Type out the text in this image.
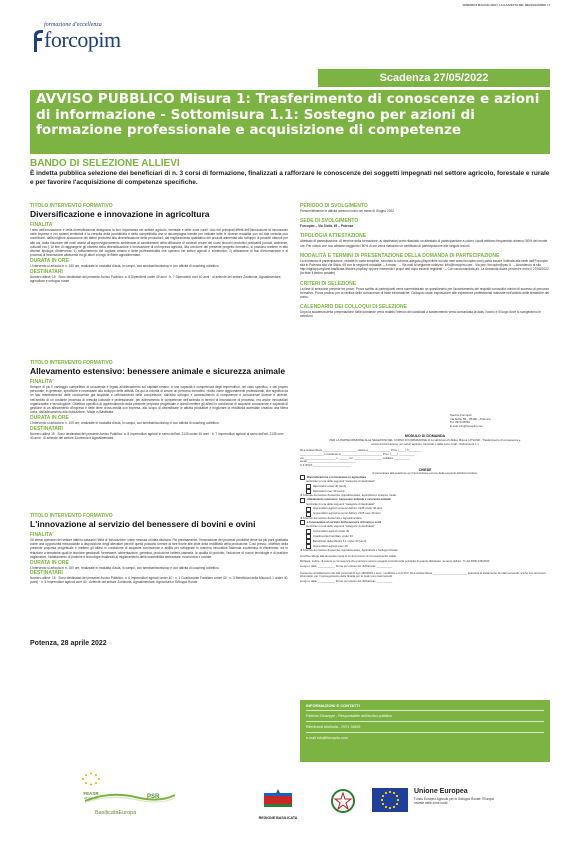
VENERDÌ 8 MAGGIO 2022 | LA GAZZETTA DEL MEZZOGIORNO | 7
formazione d'eccellenza
forcopim
Scadenza 27/05/2022
AVVISO PUBBLICO Misura 1: Trasferimento di conoscenze e azioni di informazione - Sottomisura 1.1: Sostegno per azioni di formazione professionale e acquisizione di competenze
BANDO DI SELEZIONE ALLIEVI
È indetta pubblica selezione dei beneficiari di n. 3 corsi di formazione, finalizzati a rafforzare le conoscenze dei soggetti impegnati nel settore agricolo, forestale e rurale e per favorire l'acquisizione di competenze specifiche.
TITOLO INTERVENTO FORMATIVO
Diversificazione e innovazione in agricoltura
FINALITA'
I temi dell'innovazione e della diversificazione designano la loro importanza nel settore agricolo, forestale e delle zone rurali. Uno dei principali effetti dell'introduzione di innovazioni nelle imprese e nei sistemi territoriali è la crescita della produttività e della competitività che si accompagna tramite per indicare tutte le diverse modalità con cui tale crescita può contribuire, dalla migliore allocazione dei fattori produttivi alla diversificazione delle produzioni, dal miglioramento qualitativo dei prodotti alimentari allo sviluppo di prodotti ottenuti per altri usi, dalla riduzione dei costi relativi all'approvvigionamento ambientale ai cambiamenti della diffusione di contesti creare dei nuovi sbocchi produttivi praticabili (sociali, ambiente, culturali ecc.). Al fine di raggiungere gli obiettivi della diversificazione e innovazione di un'impresa agricola, il/la condurre del presente progetto formativo, si possono mettere in atto diverse tipologie d'intervento: 1) rafforzamento del capitale umano e delle professionalità che operano nei settori agricoli e zootecnico; 2) attivazione di fasi d'informazione e di processi di innovazione attraverso tra gli attori a lungo le filiere agroalimentare.
DURATA IN ORE
L'intervento si articola in n. 150 ore, realizzate in modalità d'aula, in campo, con seminari/workshop e con attività di coaching collettivo.
DESTINATARI
Numero allievi: 15 · Sono destinatari del presente Avviso Pubblico: a. 8 Dipendenti under 40 anni · b. 7 Dipendenti over 40 anni · di aziende del settore Zootecnia, Agroalimentare, agricoltore e sviluppo rurale
TITOLO INTERVENTO FORMATIVO
Allevamento estensivo: benessere animale e sicurezza animale
FINALITA'
Sempre di più il vantaggio competitivo di un'azienda è legato all'allevamento sul capitale umano, a una capacità e competenza degli imprenditori, nel caso specifico, e dal proprio personale, in generale, specifiche e necessarie alla sviluppo delle attività. Da qui la volontà di creare un percorso formativo, rivolto come aggiornamenti professionali, che significa da un lato mantenimento delle conoscenze già acquisite e rafforzamento delle competenze, dall'altro sviluppo e accrescimento di competenze e conoscenze diverse e diverse, nell'ambito di un costante processo di crescita culturale e professionale, per allineamento le competenze dell'azienda in termini di innovazione di processo, ma anche innovazioni organizzative e tecnologiche. Obiettivo specifico di apprendimento della presente proposta progettuale è quindi mettere gli allievi in condizione di acquisire conoscenze e capacità di gestione di un allevamento d'impresa e delle linee cross-media con impresa, allo scopo di diversificare le attività produttive e migliorare la redditività aziendale creando una filiera corta, dall'allevamento alla ristorazione, 'Made in Basilicata'.
DURATA IN ORE
L'intervento si articola in n. 105 ore, realizzate in modalità d'aula, in campo, con seminari/workshop e con attività di coaching collettivo.
DESTINATARI
Numero allievi 15 · Sono destinatari del presente Avviso Pubblico: a. 8 Imprenditori agricoli in sensi dell'art. 2135 under 40 anni · b. 7 Imprenditori agricoli ai sensi dell'art. 2135 over 40 anni · di aziende del settore Zootecnia e Agroalimentare
TITOLO INTERVENTO FORMATIVO
L'innovazione al servizio del benessere di bovini e ovini
FINALITA'
Gli stessi operatori del settore lattiero caseario l'idea di 'innovazione' viene rimossa un'idea decisiva. Più precisamente, l'innovazione dei processi produttivi viene da più parti giudicata come una opportunità irrinunciabile a disposizione degli allevatori perché questi possano tornare di fare fronte alle sfide della redditività della produzione. Così presso, obiettivo della presente proposta progettuale è mettere gli allievi in condizione di acquisire conoscenze e abilità per sviluppare in maniera innovativa l'azienda zootecnica di riferimento, ed in relazione a tematiche quali le tecniche gestionali, benessere, alimentazione, genetica, produzione lattiero-casearia, la qualità di prodotto, l'adozione di nuove tecnologie e di pratiche migliorative, l'adattamento di pratiche e tecnologie finalizzati al miglioramento della sostenibilità ambientale, economica e sociale.
DURATA IN ORE
L'intervento si articola in n. 150 ore, realizzate in modalità d'aula, in campo, con seminari/workshop e con attività di coaching collettivo.
DESTINATARI
Numero allievi: 15 · Sono destinatari del presente Avviso Pubblico: n. 6 Imprenditori agricoli under 40 · n. 1 Coadiuvante Familiare under 40 · n. 3 Beneficiari della Misura 6.1 under 40 (anni) · n. 5 Imprenditori agricoli over 40 · Aziende del settore Zootecnia, Agroalimentare, Agricoltura e Sviluppo Rurale
Potenza, 28 aprile 2022
PERIODO DI SVOLGIMENTO
Presumibilmente le attività avranno inizio nel mese di Giugno 2022
SEDE DI SVOLGIMENTO
Forcopim – Via Siclia, 65 – Potenza
TIPOLOGIA ATTESTAZIONE
Attestato di partecipazione. Al termine della formazione, ai destinatari verrà rilasciato un attestato di partecipazione a coloro i quali abbiano frequentato almeno l'80% del monte ore. Per coloro che non abbiano raggiunto l'80% di ore verrà rilasciato un certificato di partecipazione alle singole lezioni.
MODALITÀ E TERMINI DI PRESENTAZIONE DELLA DOMANDA DI PARTECIPAZIONE
La domanda di partecipazione, redatta in carta semplice, secondo lo schema allegato (disponibile sul sito web www.forcopim.com) potrà essere inoltrata alla sede dell'Forcopim sita in Potenza alla Via Siclia, 65 con le seguenti modalità: – A mano · – Via mail al seguente indirizzo: info@forcopim.com - Via pec: forcopim@pec.it · – Accedendo al sito http://agriapp.regione.basilicata.it/index.php/faq/ oppure inserendo i propri dati dopo essersi registrati · – Con raccomandata a/r. La domanda dovrà pervenire entro il 27/05/2022 (fa fede il timbro postale)
CRITERI DI SELEZIONE
La fase di selezione prevede tre prove: Prova scritta: ai partecipanti verrà somministrato un questionario per l'accertamento dei requisiti conoscitivi minimi di accesso al percorso formativo. Prova pratica: per la verifica delle conoscenze di base informatiche; Colloquio orale: esposizione alle esperienze professionali maturate nell'ambito delle tematiche del corso.
CALENDARIO DEI COLLOQUI DI SELEZIONE
Dopo la scadenza della presentazione delle domande verrà redatto l'elenco dei candidati a sostenimento verrà comunicata la data, l'orario e il luogo dove si svolgeranno le selezioni.
Spett.le Forcopim
Via Siclia, 65 – 85100 – Potenza
Tel. 0971/34692
E-mail info@forcopim.com
MODULO DI DOMANDA
PER LA PARTECIPAZIONE ALLE SELEZIONI DEL CORSO DI FORMAZIONE di cui all'Avviso Pubblico Misura 1 PSASR - Trasferimento di conoscenze e azioni di informazione nei settori agricolo, forestale e della zone rurali - Sottomisura 1.1
Il/La sottoscritto/a ______________________ nato/a a ______________ Prov. (____) il ________
_______________ e residente in __________________________ Prov. (____) __________
via ____________________ n. ______ tel. __________________ cellulare __________
email _______________________________
C.F./P.IVA ________________________
CHIEDE
di partecipare alla selezione per l'ammissione ad uno delle seguenti attività formative:
Diversificazione e innovazione in agricoltura
rientrante in una delle seguenti "categorie di destinatari"
Dipendenti under 40 (anni)
Dipendenti over 40 (anni)
di Aziende del settore Zootecnia, Agroalimentare, agricoltura e sviluppo rurale
Allevamento estensivo: benessere animale e sicurezza animale
rientrante in una delle seguenti "categorie di destinatari"
Imprenditori agricoli ai sensi dell'art. 2135 under 40 anni
Imprenditori agricoli ai sensi dell'art. 2135 over 40 anni
di Aziende del settore Zootecnia e Agroalimentare
L'innovazione al servizio del benessere di bovini e ovini
rientrante in una delle seguenti "categorie di destinatari"
Imprenditori agricoli under 40
Coadiuvante Familiare under 40
Beneficiari della Misura 6.1 under 40 (anni)
Imprenditori agricoli over 40
di Aziende del settore Zootecnia, Agroalimentare, Agricoltura e Sviluppo Rurale
A tal fine allega alla domanda copia di un documento di riconoscimento valido.
Dichiara, inoltre, di essere a conoscenza che potranno essere eseguiti controlli sulla veridicità di quanto dichiarato, ai sensi dell'art. 71 del DPR 445/2000
Luogo e data, ___________ Firma per esteso del dichiarante __________
Consenso al trattamento dei dati personali D.Lgs 196/2003 e succ. modifiche e G.D.P.R. Il/La sottoscritto/a ______________________ autorizza al trattamento dei dati personali, anche con strumenti informatici, per il perseguimento delle finalità per le quali sono stati raccolti.
Luogo e data, ___________ Firma per esteso del dichiarante __________
INFORMAZIONI E CONTATTI
Fabrizio Giuseppe - Responsabile dell'avviso pubblico
Riferimenti telefonici - 0971 34692
e-mail info@forcopim.com
FEASR
2014-2020	PSR
BasilicataEuropa
REGIONE BASILICATA
Unione Europea
Fondo Europeo Agricolo per lo Sviluppo Rurale: l'Europa investe nelle zone rurali
